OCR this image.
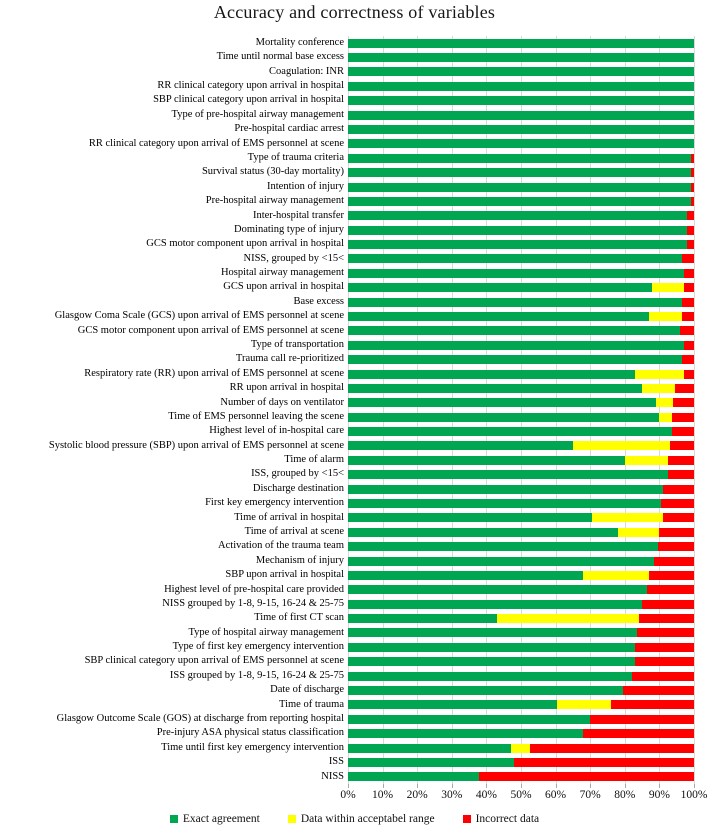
Accuracy and correctness of variables
Mortality conference
Time until normal base excess
Coagulation: INR
RR clinical category upon arrival in hospital
SBP clinical category upon arrival in hospital
Type of pre-hospital airway management
Pre-hospital cardiac arrest
RR clinical category upon arrival of EMS personnel at scene
Type of trauma criteria
Survival status (30-day mortality)
Intention of injury
Pre-hospital airway management
Inter-hospital transfer
Dominating type of injury
GCS motor component upon arrival in hospital
NISS, grouped by <15<
Hospital airway management
GCS upon arrival in hospital
Base excess
Glasgow Coma Scale (GCS) upon arrival of EMS personnel at scene
GCS motor component upon arrival of EMS personnel at scene
Type of transportation
Trauma call re-prioritized
Respiratory rate (RR) upon arrival of EMS personnel at scene
RR upon arrival in hospital
Number of days on ventilator
Time of EMS personnel leaving the scene
Highest level of in-hospital care
Systolic blood pressure (SBP) upon arrival of EMS personnel at scene
Time of alarm
ISS, grouped by <15<
Discharge destination
First key emergency intervention
Time of arrival in hospital
Time of arrival at scene
Activation of the trauma team
Mechanism of injury
SBP upon arrival in hospital
Highest level of pre-hospital care provided
NISS grouped by 1-8, 9-15, 16-24 & 25-75
Time of first CT scan
Type of hospital airway management
Type of first key emergency intervention
SBP clinical category upon arrival of EMS personnel at scene
ISS grouped by 1-8, 9-15, 16-24 & 25-75
Date of discharge
Time of trauma
Glasgow Outcome Scale (GOS) at discharge from reporting hospital
Pre-injury ASA physical status classification
Time until first key emergency intervention
ISS
NISS
0% 10% 20% 30% 40% 50% 60% 70% 80% 90% 100%
Exact agreement	Data within acceptabel range	Incorrect data
